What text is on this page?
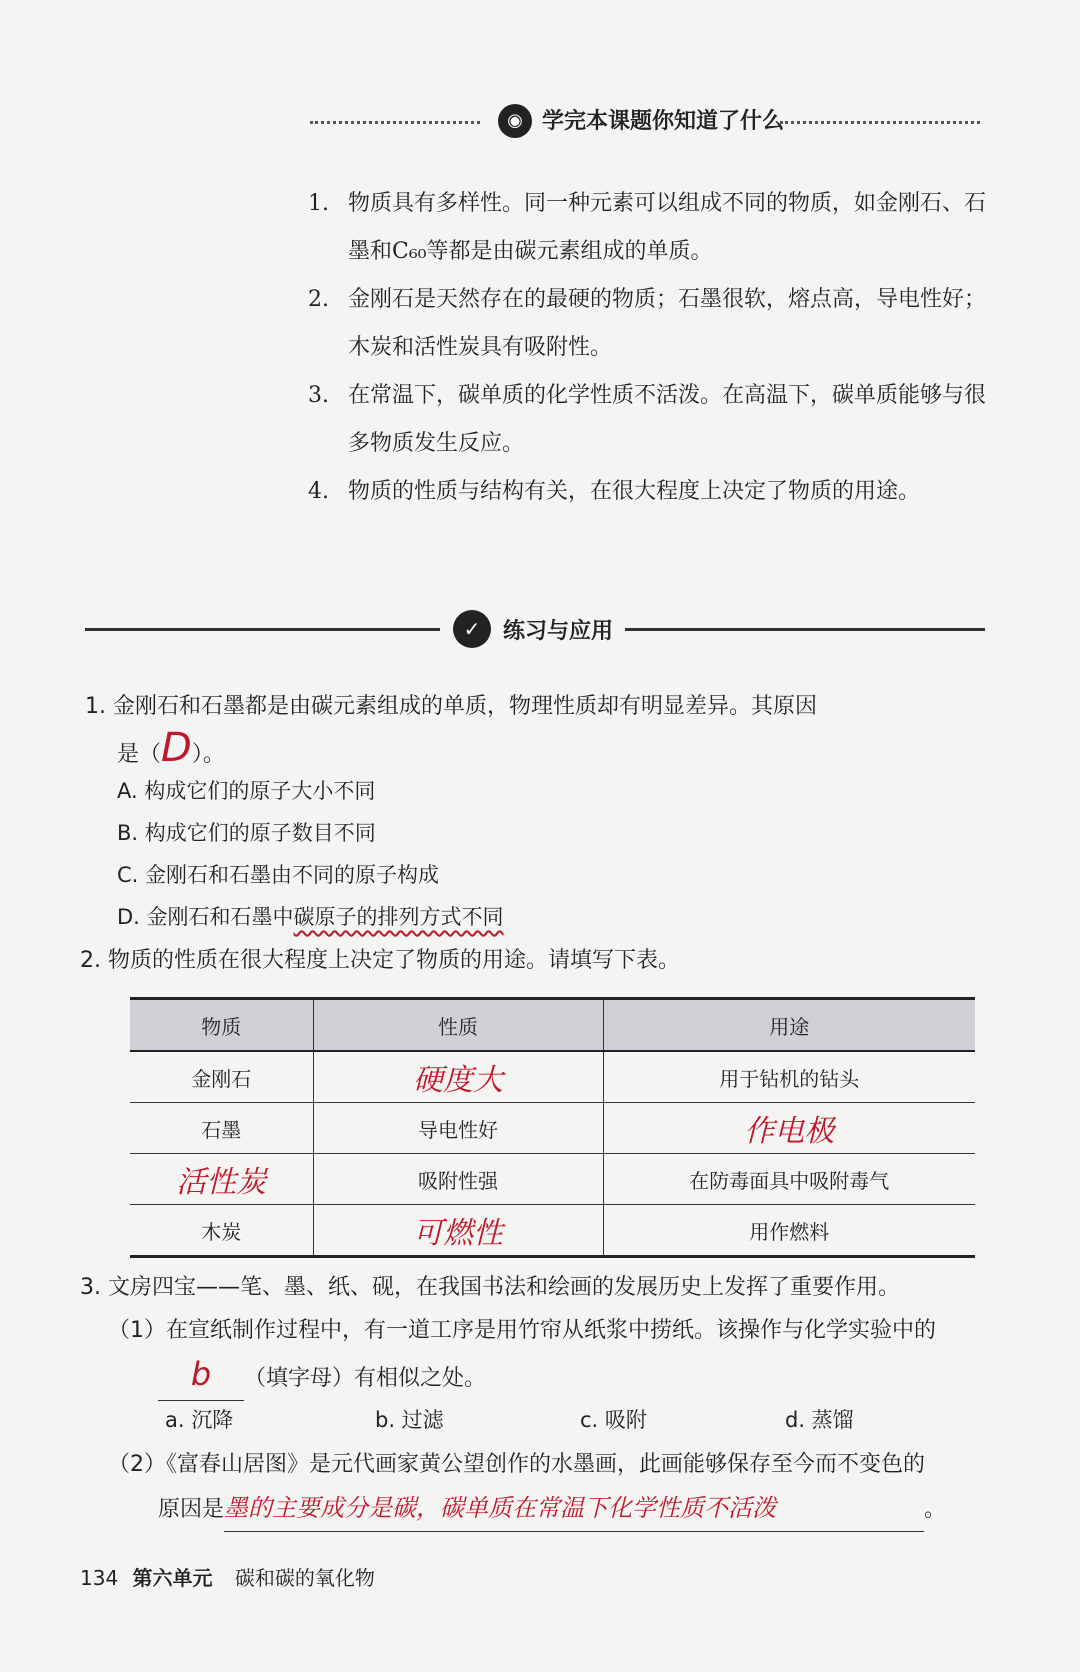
◉ 学完本课题你知道了什么
1. 物质具有多样性。同一种元素可以组成不同的物质，如金刚石、石墨和C₆₀等都是由碳元素组成的单质。
2. 金刚石是天然存在的最硬的物质；石墨很软，熔点高，导电性好；木炭和活性炭具有吸附性。
3. 在常温下，碳单质的化学性质不活泼。在高温下，碳单质能够与很多物质发生反应。
4. 物质的性质与结构有关，在很大程度上决定了物质的用途。
✓	练习与应用
1. 金刚石和石墨都是由碳元素组成的单质，物理性质却有明显差异。其原因
是（D）。
A. 构成它们的原子大小不同
B. 构成它们的原子数目不同
C. 金刚石和石墨由不同的原子构成
D. 金刚石和石墨中碳原子的排列方式不同
2. 物质的性质在很大程度上决定了物质的用途。请填写下表。
物质	性质	用途
金刚石	硬度大	用于钻机的钻头
石墨	导电性好	作电极
活性炭	吸附性强	在防毒面具中吸附毒气
木炭	可燃性	用作燃料
3. 文房四宝——笔、墨、纸、砚，在我国书法和绘画的发展历史上发挥了重要作用。
（1）在宣纸制作过程中，有一道工序是用竹帘从纸浆中捞纸。该操作与化学实验中的
b （填字母）有相似之处。
a. 沉降	b. 过滤	c. 吸附	d. 蒸馏
（2）《富春山居图》是元代画家黄公望创作的水墨画，此画能够保存至今而不变色的
原因是墨的主要成分是碳，碳单质在常温下化学性质不活泼	。
134 第六单元 碳和碳的氧化物
